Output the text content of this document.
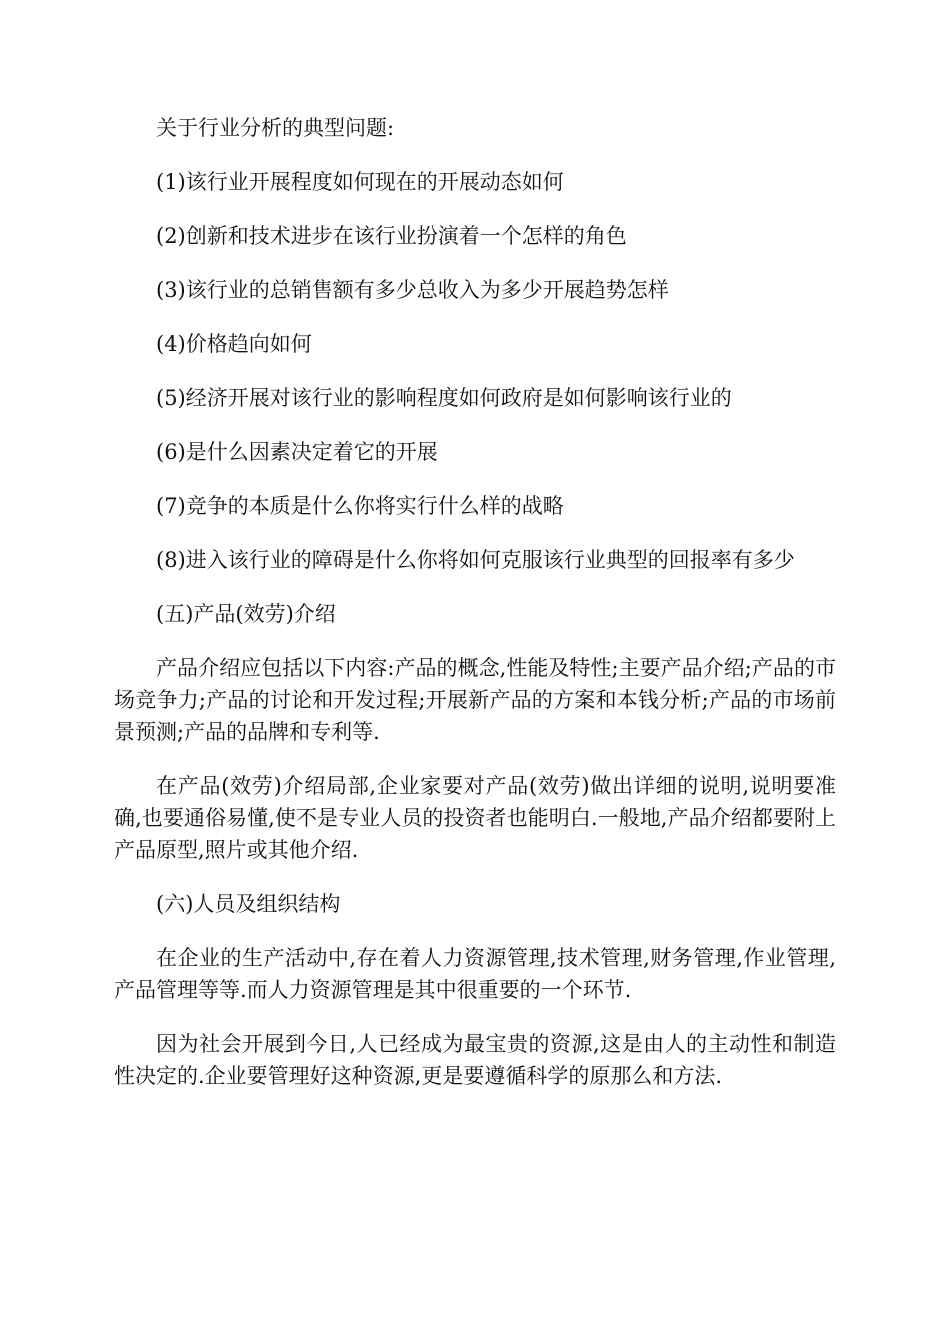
关于行业分析的典型问题:

(1)该行业开展程度如何现在的开展动态如何

(2)创新和技术进步在该行业扮演着一个怎样的角色

(3)该行业的总销售额有多少总收入为多少开展趋势怎样

(4)价格趋向如何

(5)经济开展对该行业的影响程度如何政府是如何影响该行业的

(6)是什么因素决定着它的开展

(7)竞争的本质是什么你将实行什么样的战略

(8)进入该行业的障碍是什么你将如何克服该行业典型的回报率有多少

(五)产品(效劳)介绍

产品介绍应包括以下内容:产品的概念,性能及特性;主要产品介绍;产品的市场竞争力;产品的讨论和开发过程;开展新产品的方案和本钱分析;产品的市场前景预测;产品的品牌和专利等.

在产品(效劳)介绍局部,企业家要对产品(效劳)做出详细的说明,说明要准确,也要通俗易懂,使不是专业人员的投资者也能明白.一般地,产品介绍都要附上产品原型,照片或其他介绍.

(六)人员及组织结构

在企业的生产活动中,存在着人力资源管理,技术管理,财务管理,作业管理,产品管理等等.而人力资源管理是其中很重要的一个环节.

因为社会开展到今日,人已经成为最宝贵的资源,这是由人的主动性和制造性决定的.企业要管理好这种资源,更是要遵循科学的原那么和方法.
